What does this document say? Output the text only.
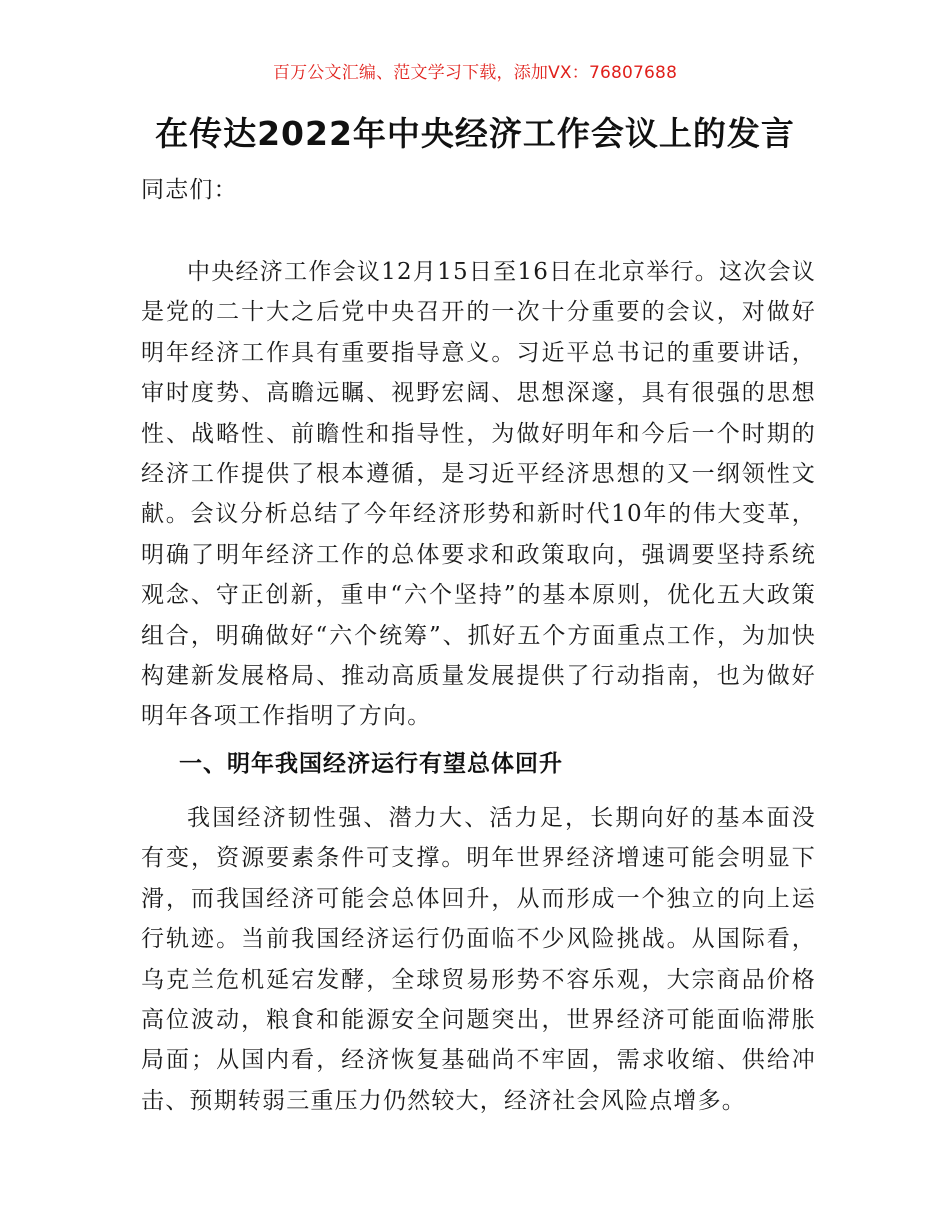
百万公文汇编、范文学习下载，添加VX：76807688
在传达2022年中央经济工作会议上的发言
同志们：
中央经济工作会议12月15日至16日在北京举行。这次会议是党的二十大之后党中央召开的一次十分重要的会议，对做好明年经济工作具有重要指导意义。习近平总书记的重要讲话，审时度势、高瞻远瞩、视野宏阔、思想深邃，具有很强的思想性、战略性、前瞻性和指导性，为做好明年和今后一个时期的经济工作提供了根本遵循，是习近平经济思想的又一纲领性文献。会议分析总结了今年经济形势和新时代10年的伟大变革，明确了明年经济工作的总体要求和政策取向，强调要坚持系统观念、守正创新，重申“六个坚持”的基本原则，优化五大政策组合，明确做好“六个统筹”、抓好五个方面重点工作，为加快构建新发展格局、推动高质量发展提供了行动指南，也为做好明年各项工作指明了方向。
一、明年我国经济运行有望总体回升
我国经济韧性强、潜力大、活力足，长期向好的基本面没有变，资源要素条件可支撑。明年世界经济增速可能会明显下滑，而我国经济可能会总体回升，从而形成一个独立的向上运行轨迹。当前我国经济运行仍面临不少风险挑战。从国际看，乌克兰危机延宕发酵，全球贸易形势不容乐观，大宗商品价格高位波动，粮食和能源安全问题突出，世界经济可能面临滞胀局面；从国内看，经济恢复基础尚不牢固，需求收缩、供给冲击、预期转弱三重压力仍然较大，经济社会风险点增多。
